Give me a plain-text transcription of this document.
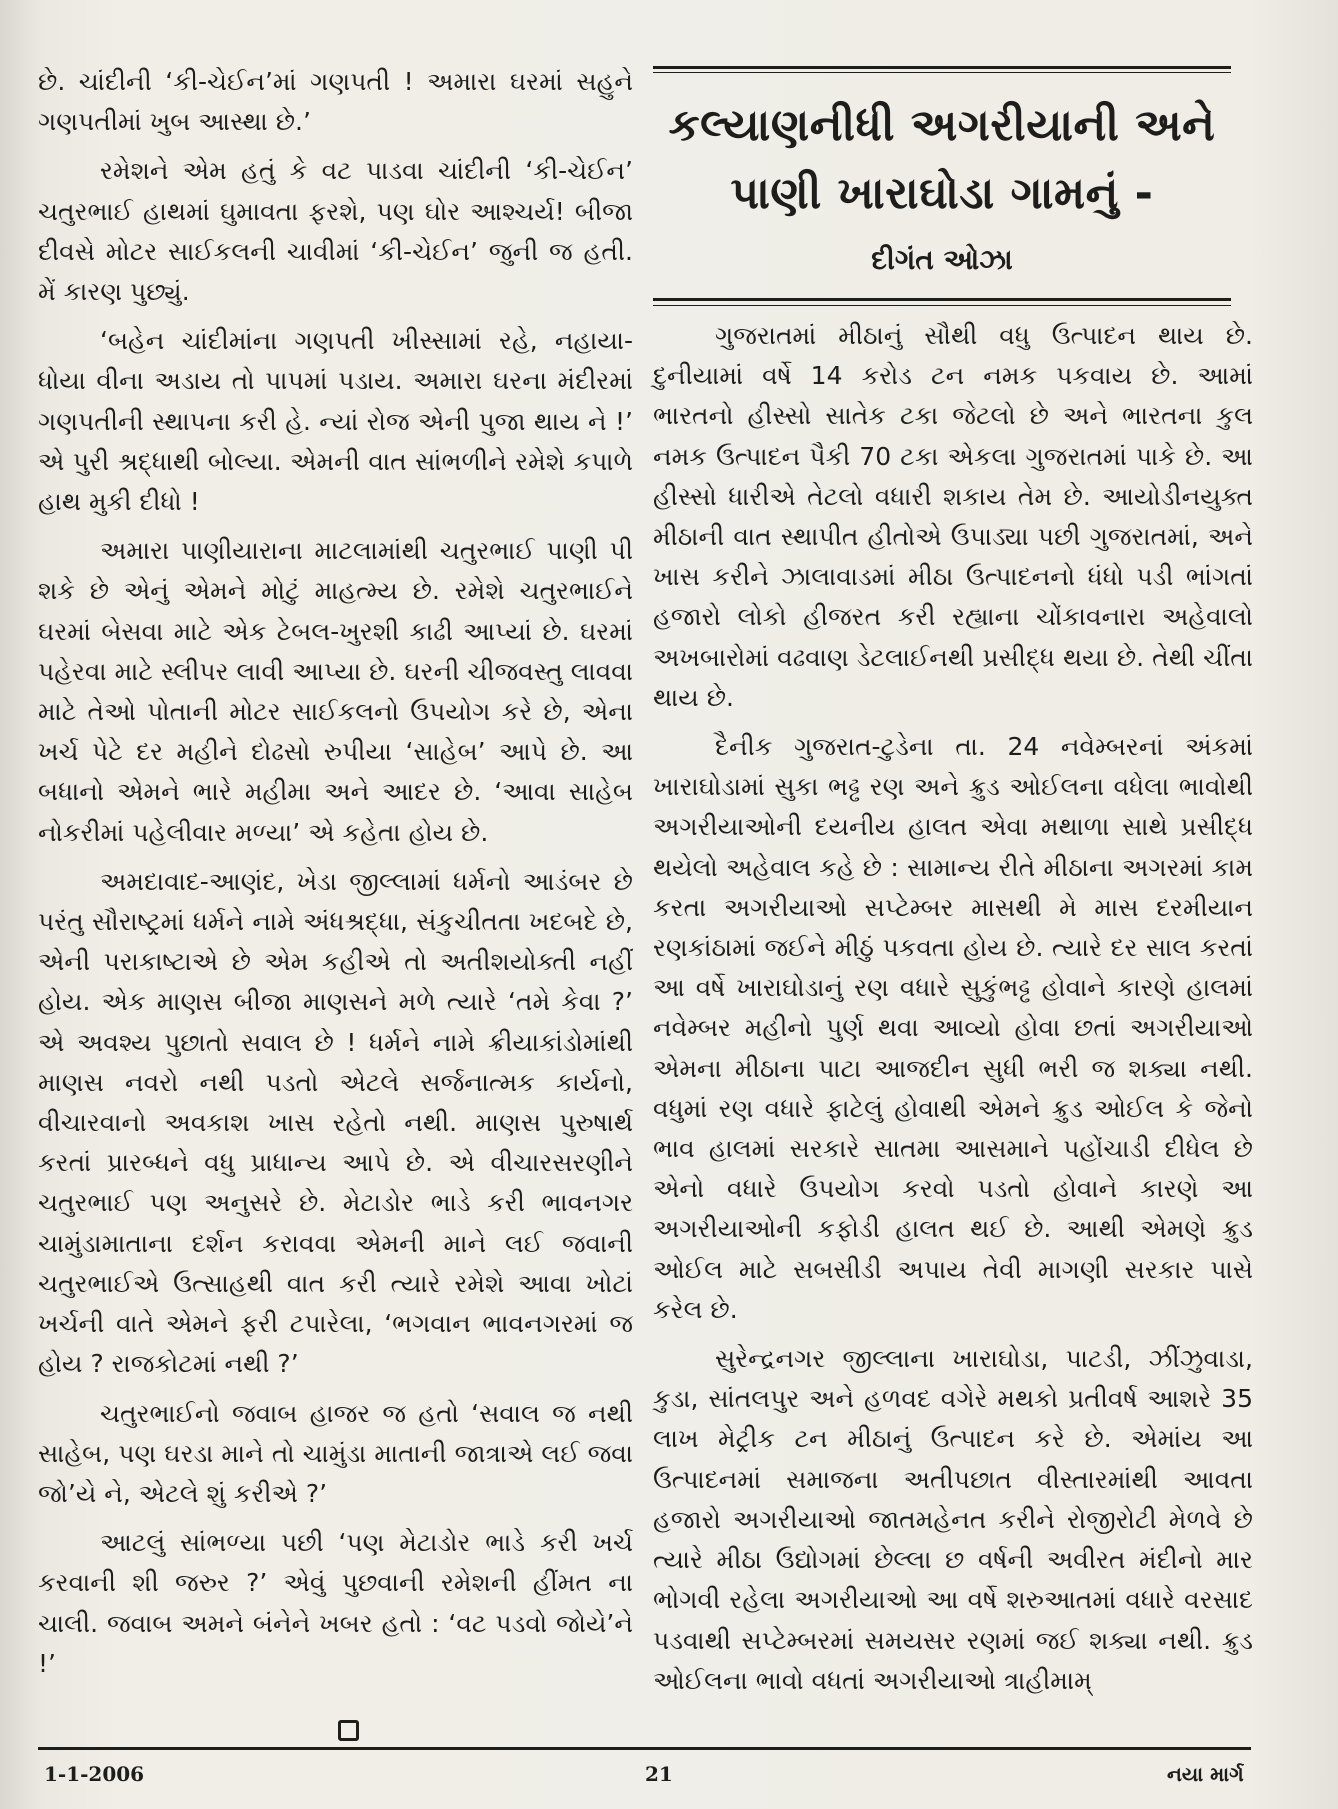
છે. ચાંદીની ‘કી-ચેઈન’માં ગણપતી ! અમારા ઘરમાં સહુને ગણપતીમાં ખુબ આસ્થા છે.’

રમેશને એમ હતું કે વટ પાડવા ચાંદીની ‘કી-ચેઈન’ ચતુરભાઈ હાથમાં ઘુમાવતા ફરશે, પણ ઘોર આશ્ચર્ય! બીજા દીવસે મોટર સાઈકલની ચાવીમાં ‘કી-ચેઈન’ જુની જ હતી. મેં કારણ પુછ્યું.

‘બહેન ચાંદીમાંના ગણપતી ખીસ્સામાં રહે, નહાયા-ધોયા વીના અડાય તો પાપમાં પડાય. અમારા ઘરના મંદીરમાં ગણપતીની સ્થાપના કરી હે. ન્યાં રોજ એની પુજા થાય ને !’ એ પુરી શ્રદ્ધાથી બોલ્યા. એમની વાત સાંભળીને રમેશે કપાળે હાથ મુકી દીધો !

અમારા પાણીયારાના માટલામાંથી ચતુરભાઈ પાણી પી શકે છે એનું એમને મોટું માહત્મ્ય છે. રમેશે ચતુરભાઈને ઘરમાં બેસવા માટે એક ટેબલ-ખુરશી કાઢી આપ્યાં છે. ઘરમાં પહેરવા માટે સ્લીપર લાવી આપ્યા છે. ઘરની ચીજવસ્તુ લાવવા માટે તેઓ પોતાની મોટર સાઈકલનો ઉપયોગ કરે છે, એના ખર્ચ પેટે દર મહીને દોઢસો રુપીયા ‘સાહેબ’ આપે છે. આ બધાનો એમને ભારે મહીમા અને આદર છે. ‘આવા સાહેબ નોકરીમાં પહેલીવાર મળ્યા’ એ કહેતા હોય છે.

અમદાવાદ-આણંદ, ખેડા જીલ્લામાં ધર્મનો આડંબર છે પરંતુ સૌરાષ્ટ્રમાં ધર્મને નામે અંધશ્રદ્ધા, સંકુચીતતા ખદબદે છે, એની પરાકાષ્ટાએ છે એમ કહીએ તો અતીશયોક્તી નહીં હોય. એક માણસ બીજા માણસને મળે ત્યારે ‘તમે કેવા ?’ એ અવશ્ય પુછાતો સવાલ છે ! ધર્મને નામે ક્રીયાકાંડોમાંથી માણસ નવરો નથી પડતો એટલે સર્જનાત્મક કાર્યનો, વીચારવાનો અવકાશ ખાસ રહેતો નથી. માણસ પુરુષાર્થ કરતાં પ્રારબ્ધને વધુ પ્રાધાન્ય આપે છે. એ વીચારસરણીને ચતુરભાઈ પણ અનુસરે છે. મેટાડોર ભાડે કરી ભાવનગર ચામુંડામાતાના દર્શન કરાવવા એમની માને લઈ જવાની ચતુરભાઈએ ઉત્સાહથી વાત કરી ત્યારે રમેશે આવા ખોટાં ખર્ચની વાતે એમને ફરી ટપારેલા, ‘ભગવાન ભાવનગરમાં જ હોય ? રાજકોટમાં નથી ?’

ચતુરભાઈનો જવાબ હાજર જ હતો ‘સવાલ જ નથી સાહેબ, પણ ઘરડા માને તો ચામુંડા માતાની જાત્રાએ લઈ જવા જો’યે ને, એટલે શું કરીએ ?’

આટલું સાંભળ્યા પછી ‘પણ મેટાડોર ભાડે કરી ખર્ચ કરવાની શી જરુર ?’ એવું પુછવાની રમેશની હીંમત ના ચાલી. જવાબ અમને બંનેને ખબર હતો : ‘વટ પડવો જોયે’ને !’

કલ્યાણનીધી અગરીયાની અને
પાણી ખારાઘોડા ગામનું -
દીગંત ઓઝા

ગુજરાતમાં મીઠાનું સૌથી વધુ ઉત્પાદન થાય છે. દુનીયામાં વર્ષે 14 કરોડ ટન નમક પકવાય છે. આમાં ભારતનો હીસ્સો સાતેક ટકા જેટલો છે અને ભારતના કુલ નમક ઉત્પાદન પૈકી 70 ટકા એકલા ગુજરાતમાં પાકે છે. આ હીસ્સો ધારીએ તેટલો વધારી શકાય તેમ છે. આયોડીનયુક્ત મીઠાની વાત સ્થાપીત હીતોએ ઉપાડ્યા પછી ગુજરાતમાં, અને ખાસ કરીને ઝાલાવાડમાં મીઠા ઉત્પાદનનો ધંધો પડી ભાંગતાં હજારો લોકો હીજરત કરી રહ્યાના ચોંકાવનારા અહેવાલો અખબારોમાં વઢવાણ ડેટલાઈનથી પ્રસીદ્ધ થયા છે. તેથી ચીંતા થાય છે.

દૈનીક ગુજરાત-ટુડેના તા. 24 નવેમ્બરનાં અંકમાં ખારાઘોડામાં સુકા ભઢ્ઢ રણ અને ક્રુડ ઓઈલના વધેલા ભાવોથી અગરીયાઓની દયનીય હાલત એવા મથાળા સાથે પ્રસીદ્ધ થયેલો અહેવાલ કહે છે : સામાન્ય રીતે મીઠાના અગરમાં કામ કરતા અગરીયાઓ સપ્ટેમ્બર માસથી મે માસ દરમીયાન રણકાંઠામાં જઈને મીઠું પકવતા હોય છે. ત્યારે દર સાલ કરતાં આ વર્ષે ખારાઘોડાનું રણ વધારે સુકુંભઢ્ઢ હોવાને કારણે હાલમાં નવેમ્બર મહીનો પુર્ણ થવા આવ્યો હોવા છતાં અગરીયાઓ એમના મીઠાના પાટા આજદીન સુધી ભરી જ શક્યા નથી. વધુમાં રણ વધારે ફાટેલું હોવાથી એમને ક્રુડ ઓઈલ કે જેનો ભાવ હાલમાં સરકારે સાતમા આસમાને પહોંચાડી દીધેલ છે એનો વધારે ઉપયોગ કરવો પડતો હોવાને કારણે આ અગરીયાઓની કફોડી હાલત થઈ છે. આથી એમણે ક્રુડ ઓઈલ માટે સબસીડી અપાય તેવી માગણી સરકાર પાસે કરેલ છે.

સુરેન્દ્રનગર જીલ્લાના ખારાઘોડા, પાટડી, ઝીંઝુવાડા, કુડા, સાંતલપુર અને હળવદ વગેરે મથકો પ્રતીવર્ષ આશરે 35 લાખ મેટ્રીક ટન મીઠાનું ઉત્પાદન કરે છે. એમાંય આ ઉત્પાદનમાં સમાજના અતીપછાત વીસ્તારમાંથી આવતા હજારો અગરીયાઓ જાતમહેનત કરીને રોજીરોટી મેળવે છે ત્યારે મીઠા ઉદ્યોગમાં છેલ્લા છ વર્ષની અવીરત મંદીનો માર ભોગવી રહેલા અગરીયાઓ આ વર્ષે શરુઆતમાં વધારે વરસાદ પડવાથી સપ્ટેમ્બરમાં સમયસર રણમાં જઈ શક્યા નથી. ક્રુડ ઓઈલના ભાવો વધતાં અગરીયાઓ ત્રાહીમામ્

1-1-2006	21	નયા માર્ગ
